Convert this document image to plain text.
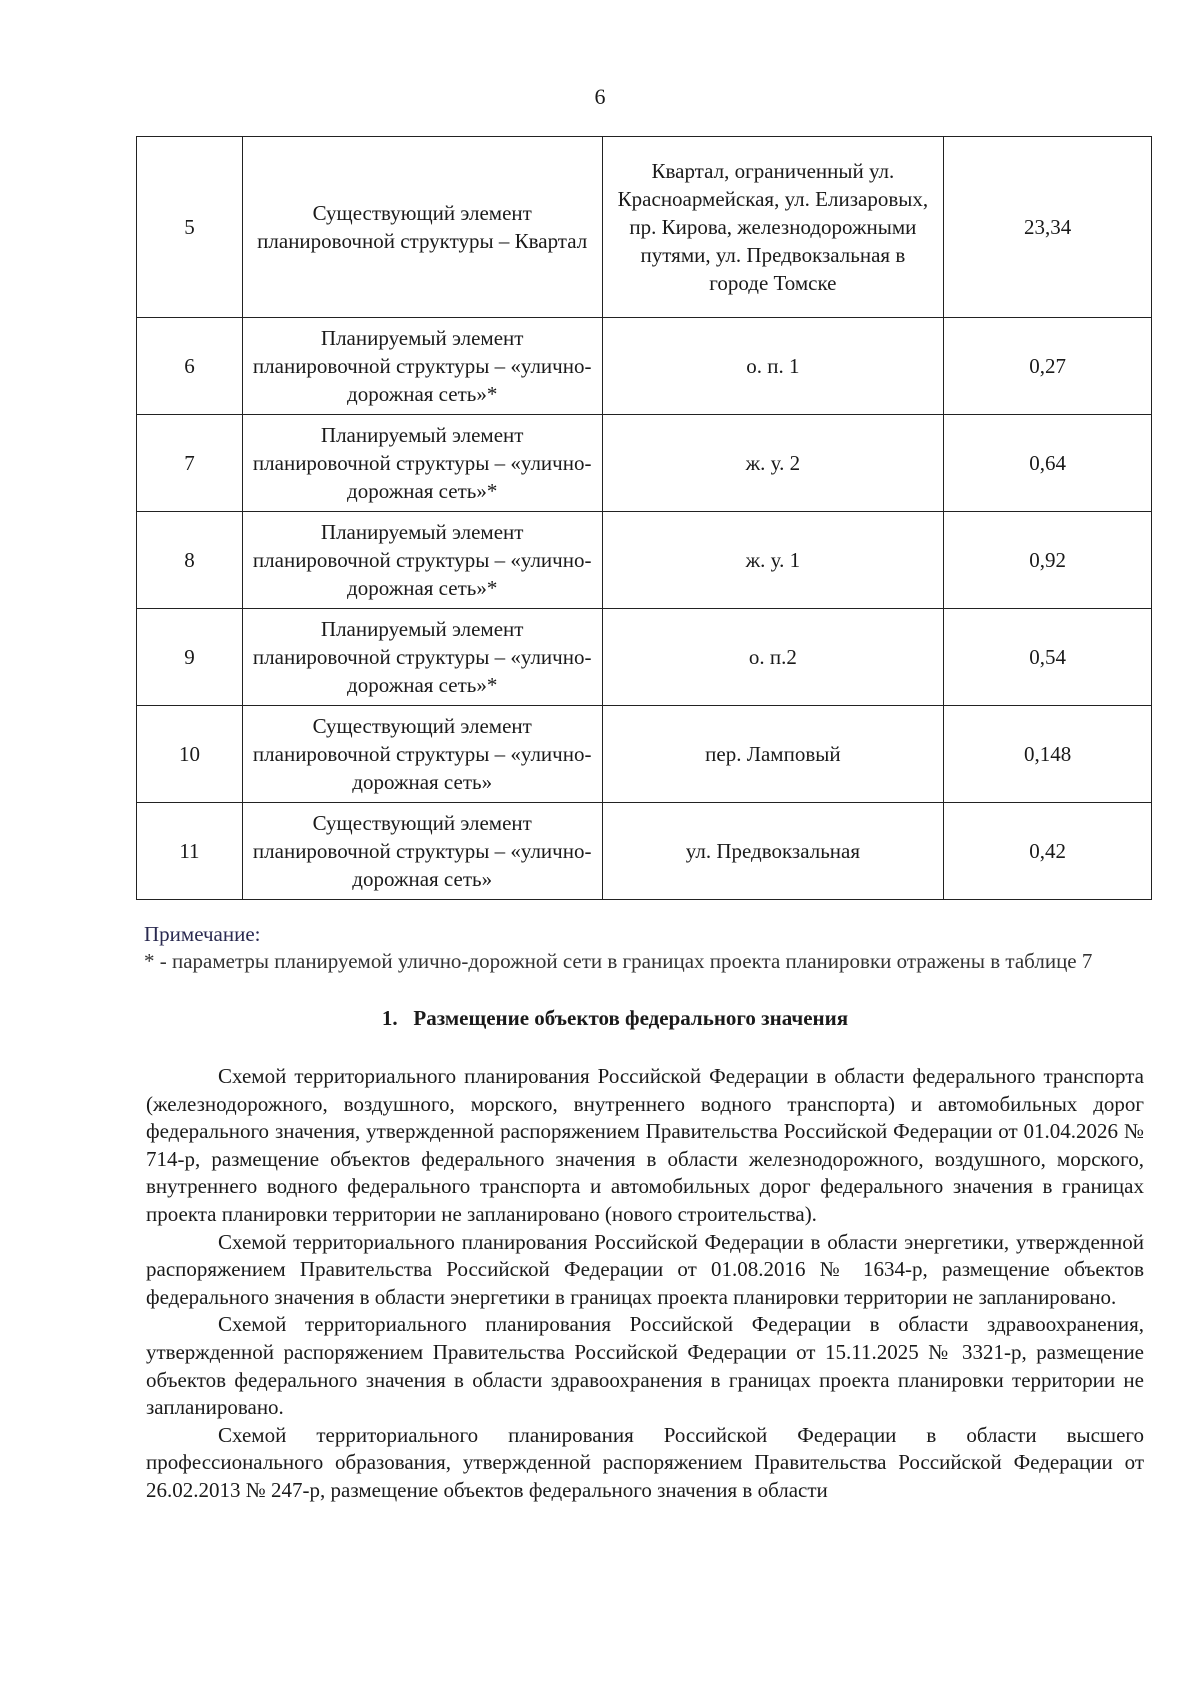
6
5	Существующий элемент планировочной структуры – Квартал	Квартал, ограниченный ул. Красноармейская, ул. Елизаровых, пр. Кирова, железнодорожными путями, ул. Предвокзальная в городе Томске	23,34
6	Планируемый элемент планировочной структуры – «улично-дорожная сеть»*	о. п. 1	0,27
7	Планируемый элемент планировочной структуры – «улично-дорожная сеть»*	ж. у. 2	0,64
8	Планируемый элемент планировочной структуры – «улично-дорожная сеть»*	ж. у. 1	0,92
9	Планируемый элемент планировочной структуры – «улично-дорожная сеть»*	о. п.2	0,54
10	Существующий элемент планировочной структуры – «улично-дорожная сеть»	пер. Ламповый	0,148
11	Существующий элемент планировочной структуры – «улично-дорожная сеть»	ул. Предвокзальная	0,42
Примечание:
* - параметры планируемой улично-дорожной сети в границах проекта планировки отражены в таблице 7
1.   Размещение объектов федерального значения

Схемой территориального планирования Российской Федерации в области федерального транспорта (железнодорожного, воздушного, морского, внутреннего водного транспорта) и автомобильных дорог федерального значения, утвержденной распоряжением Правительства Российской Федерации от 01.04.2026 № 714-р, размещение объектов федерального значения в области железнодорожного, воздушного, морского, внутреннего водного федерального транспорта и автомобильных дорог федерального значения в границах проекта планировки территории не запланировано (нового строительства).

Схемой территориального планирования Российской Федерации в области энергетики, утвержденной распоряжением Правительства Российской Федерации от 01.08.2016 № 1634-р, размещение объектов федерального значения в области энергетики в границах проекта планировки территории не запланировано.

Схемой территориального планирования Российской Федерации в области здравоохранения, утвержденной распоряжением Правительства Российской Федерации от 15.11.2025 № 3321-р, размещение объектов федерального значения в области здравоохранения в границах проекта планировки территории не запланировано.

Схемой территориального планирования Российской Федерации в области высшего профессионального образования, утвержденной распоряжением Правительства Российской Федерации от 26.02.2013 № 247-р, размещение объектов федерального значения в области
